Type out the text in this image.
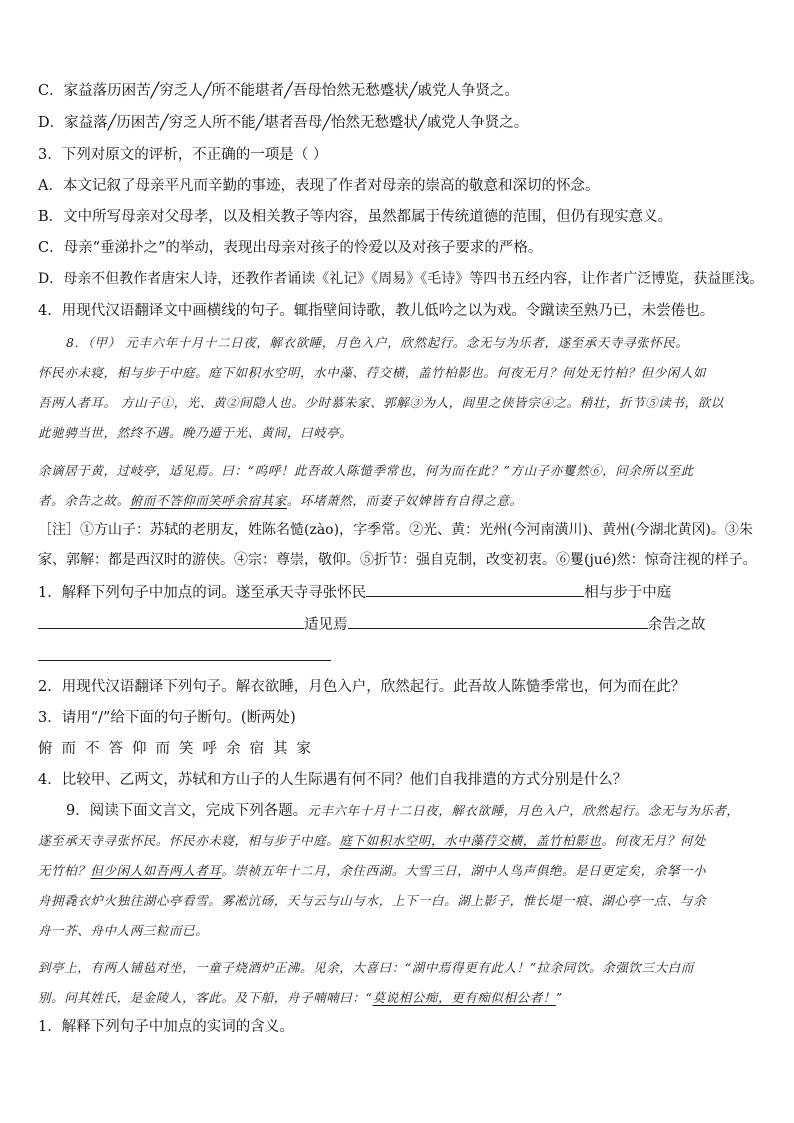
C．家益落历困苦╱穷乏人╱所不能堪者╱吾母怡然无愁蹙状╱戚党人争贤之。
D．家益落╱历困苦╱穷乏人所不能╱堪者吾母╱怡然无愁蹙状╱戚党人争贤之。
3．下列对原文的评析，不正确的一项是（ ）
A．本文记叙了母亲平凡而辛勤的事迹，表现了作者对母亲的崇高的敬意和深切的怀念。
B．文中所写母亲对父母孝，以及相关教子等内容，虽然都属于传统道德的范围，但仍有现实意义。
C．母亲“垂涕扑之”的举动，表现出母亲对孩子的怜爱以及对孩子要求的严格。
D．母亲不但教作者唐宋人诗，还教作者诵读《礼记》《周易》《毛诗》等四书五经内容，让作者广泛博览，获益匪浅。
4．用现代汉语翻译文中画横线的句子。辄指壁间诗歌，教儿低吟之以为戏。令蹴读至熟乃已，未尝倦也。
8．（甲） 元丰六年十月十二日夜，解衣欲睡，月色入户，欣然起行。念无与为乐者，遂至承天寺寻张怀民。
怀民亦未寝，相与步于中庭。庭下如积水空明，水中藻、荇交横，盖竹柏影也。何夜无月？何处无竹柏？但少闲人如
吾两人者耳。 方山子①，光、黄②间隐人也。少时慕朱家、郭解③为人，闾里之侠皆宗④之。稍壮，折节⑤读书，欲以
此驰骋当世，然终不遇。晚乃遁于光、黄间，曰岐亭。
余谪居于黄，过岐亭，适见焉。曰：“呜呼！此吾故人陈慥季常也，何为而在此？”方山子亦矍然⑥，问余所以至此
者。余告之故。俯而不答仰而笑呼余宿其家。环堵萧然，而妻子奴婢皆有自得之意。
［注］①方山子：苏轼的老朋友，姓陈名慥(zào)，字季常。②光、黄：光州(今河南潢川)、黄州(今湖北黄冈)。③朱
家、郭解：都是西汉时的游侠。④宗：尊崇，敬仰。⑤折节：强自克制，改变初衷。⑥矍(jué)然：惊奇注视的样子。
1．解释下列句子中加点的词。遂至承天寺寻张怀民	相与步于中庭
适见焉	余告之故
2．用现代汉语翻译下列句子。解衣欲睡，月色入户，欣然起行。此吾故人陈慥季常也，何为而在此？
3．请用“/”给下面的句子断句。(断两处)
俯而不答仰而笑呼余宿其家
4．比较甲、乙两文，苏轼和方山子的人生际遇有何不同？他们自我排遣的方式分别是什么？
9．阅读下面文言文，完成下列各题。元丰六年十月十二日夜，解衣欲睡，月色入户，欣然起行。念无与为乐者，
遂至承天寺寻张怀民。怀民亦未寝，相与步于中庭。庭下如积水空明，水中藻荇交横，盖竹柏影也。何夜无月？何处
无竹柏？但少闲人如吾两人者耳。崇祯五年十二月，余住西湖。大雪三日，湖中人鸟声俱绝。是日更定矣，余拏一小
舟拥毳衣炉火独往湖心亭看雪。雾凇沆砀，天与云与山与水，上下一白。湖上影子，惟长堤一痕、湖心亭一点、与余
舟一芥、舟中人两三粒而已。
到亭上，有两人铺毡对坐，一童子烧酒炉正沸。见余，大喜曰：“湖中焉得更有此人！”拉余同饮。余强饮三大白而
别。问其姓氏，是金陵人，客此。及下船，舟子喃喃曰：“莫说相公痴，更有痴似相公者！”
1．解释下列句子中加点的实词的含义。
